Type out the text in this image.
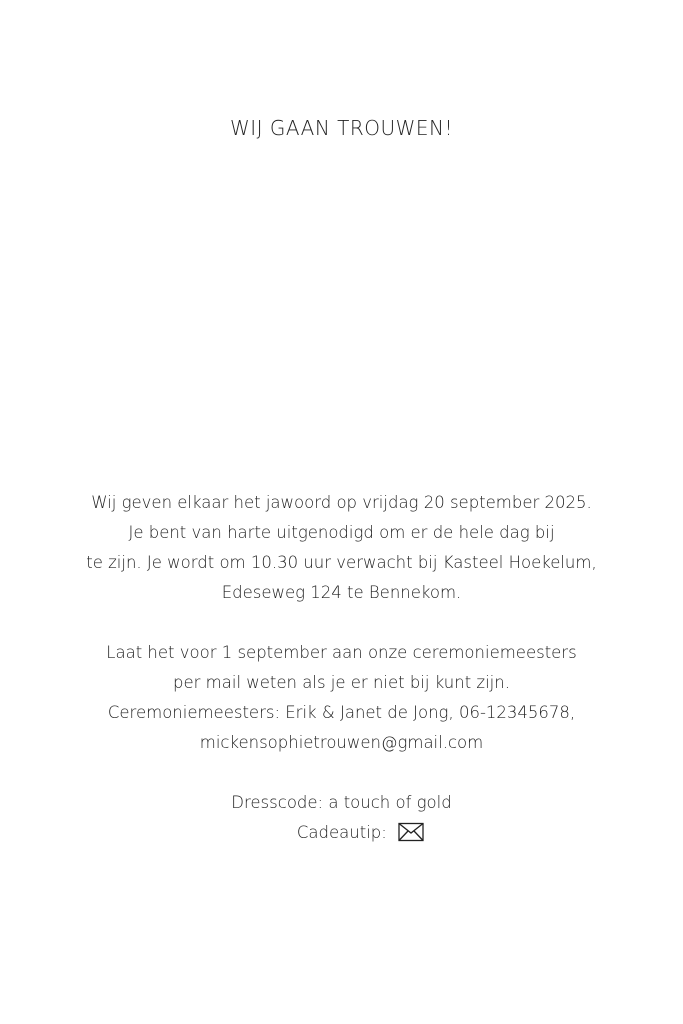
WIJ GAAN TROUWEN!
Wij geven elkaar het jawoord op vrijdag 20 september 2025.
Je bent van harte uitgenodigd om er de hele dag bij
te zijn. Je wordt om 10.30 uur verwacht bij Kasteel Hoekelum,
Edeseweg 124 te Bennekom.
Laat het voor 1 september aan onze ceremoniemeesters
per mail weten als je er niet bij kunt zijn.
Ceremoniemeesters: Erik & Janet de Jong, 06-12345678,
mickensophietrouwen@gmail.com
Dresscode: a touch of gold
Cadeautip:
